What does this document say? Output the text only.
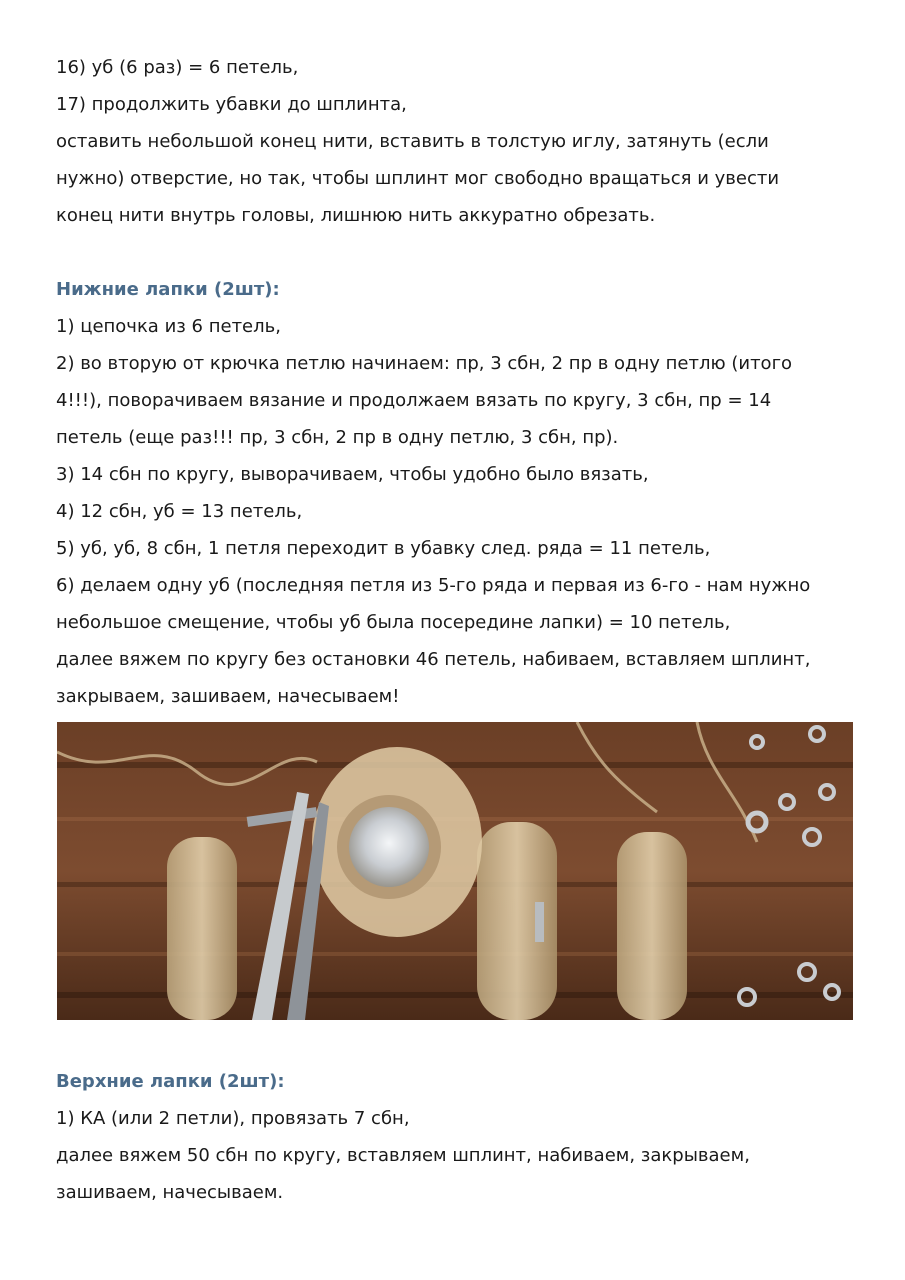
16) уб (6 раз) = 6 петель,
17) продолжить убавки до шплинта,
оставить небольшой конец нити, вставить в толстую иглу, затянуть (если
нужно) отверстие, но так, чтобы шплинт мог свободно вращаться и увести
конец нити внутрь головы, лишнюю нить аккуратно обрезать.
Нижние лапки (2шт):
1) цепочка из 6 петель,
2) во вторую от крючка петлю начинаем: пр, 3 сбн, 2 пр в одну петлю (итого
4!!!), поворачиваем вязание и продолжаем вязать по кругу, 3 сбн, пр = 14
петель (еще раз!!! пр, 3 сбн, 2 пр в одну петлю, 3 сбн, пр).
3) 14 сбн по кругу, выворачиваем, чтобы удобно было вязать,
4) 12 сбн, уб = 13 петель,
5) уб, уб, 8 сбн, 1 петля переходит в убавку след. ряда = 11 петель,
6) делаем одну уб (последняя петля из 5-го ряда и первая из 6-го - нам нужно
небольшое смещение, чтобы уб была посередине лапки) = 10 петель,
далее вяжем по кругу без остановки 46 петель, набиваем, вставляем шплинт,
закрываем, зашиваем, начесываем!
Верхние лапки (2шт):
1) КА (или 2 петли), провязать 7 сбн,
далее вяжем 50 сбн по кругу, вставляем шплинт, набиваем, закрываем,
зашиваем, начесываем.
